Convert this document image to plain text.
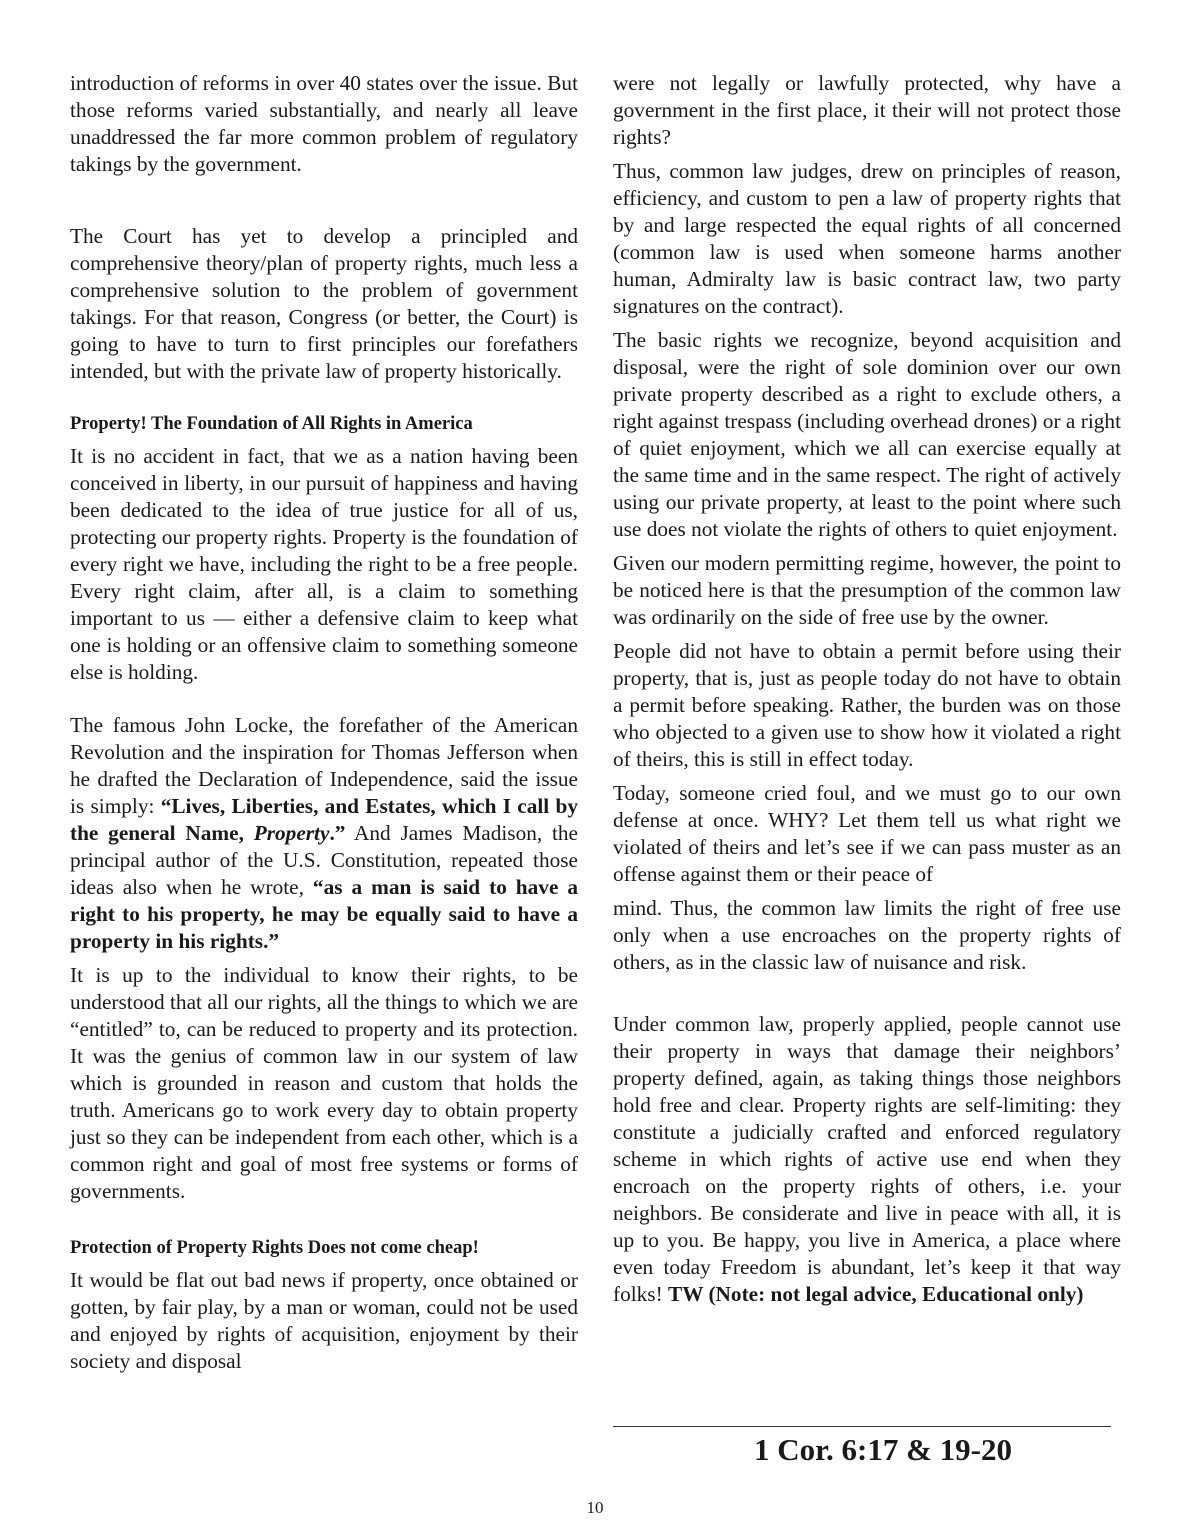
introduction of reforms in over 40 states over the issue. But those reforms varied substantially, and nearly all leave unaddressed the far more common problem of regulatory takings by the government.

The Court has yet to develop a principled and comprehensive theory/plan of property rights, much less a comprehensive solution to the problem of government takings. For that reason, Congress (or better, the Court) is going to have to turn to first principles our forefathers intended, but with the private law of property historically.

Property! The Foundation of All Rights in America

It is no accident in fact, that we as a nation having been conceived in liberty, in our pursuit of happiness and having been dedicated to the idea of true justice for all of us, protecting our property rights. Property is the foundation of every right we have, including the right to be a free people. Every right claim, after all, is a claim to something important to us — either a defensive claim to keep what one is holding or an offensive claim to something someone else is holding.

The famous John Locke, the forefather of the American Revolution and the inspiration for Thomas Jefferson when he drafted the Declaration of Independence, said the issue is simply: “Lives, Liberties, and Estates, which I call by the general Name, Property.” And James Madison, the principal author of the U.S. Constitution, repeated those ideas also when he wrote, “as a man is said to have a right to his property, he may be equally said to have a property in his rights.”

It is up to the individual to know their rights, to be understood that all our rights, all the things to which we are “entitled” to, can be reduced to property and its protection. It was the genius of common law in our system of law which is grounded in reason and custom that holds the truth. Americans go to work every day to obtain property just so they can be independent from each other, which is a common right and goal of most free systems or forms of governments.

Protection of Property Rights Does not come cheap!

It would be flat out bad news if property, once obtained or gotten, by fair play, by a man or woman, could not be used and enjoyed by rights of acquisition, enjoyment by their society and disposal

were not legally or lawfully protected, why have a government in the first place, it their will not protect those rights?

Thus, common law judges, drew on principles of reason, efficiency, and custom to pen a law of property rights that by and large respected the equal rights of all concerned (common law is used when someone harms another human, Admiralty law is basic contract law, two party signatures on the contract).

The basic rights we recognize, beyond acquisition and disposal, were the right of sole dominion over our own private property described as a right to exclude others, a right against trespass (including overhead drones) or a right of quiet enjoyment, which we all can exercise equally at the same time and in the same respect. The right of actively using our private property, at least to the point where such use does not violate the rights of others to quiet enjoyment.

Given our modern permitting regime, however, the point to be noticed here is that the presumption of the common law was ordinarily on the side of free use by the owner.

People did not have to obtain a permit before using their property, that is, just as people today do not have to obtain a permit before speaking. Rather, the burden was on those who objected to a given use to show how it violated a right of theirs, this is still in effect today.

Today, someone cried foul, and we must go to our own defense at once. WHY? Let them tell us what right we violated of theirs and let’s see if we can pass muster as an offense against them or their peace of

mind. Thus, the common law limits the right of free use only when a use encroaches on the property rights of others, as in the classic law of nuisance and risk.

Under common law, properly applied, people cannot use their property in ways that damage their neighbors’ property defined, again, as taking things those neighbors hold free and clear. Property rights are self-limiting: they constitute a judicially crafted and enforced regulatory scheme in which rights of active use end when they encroach on the property rights of others, i.e. your neighbors. Be considerate and live in peace with all, it is up to you. Be happy, you live in America, a place where even today Freedom is abundant, let’s keep it that way folks! TW (Note: not legal advice, Educational only)

1 Cor. 6:17 & 19-20
10
